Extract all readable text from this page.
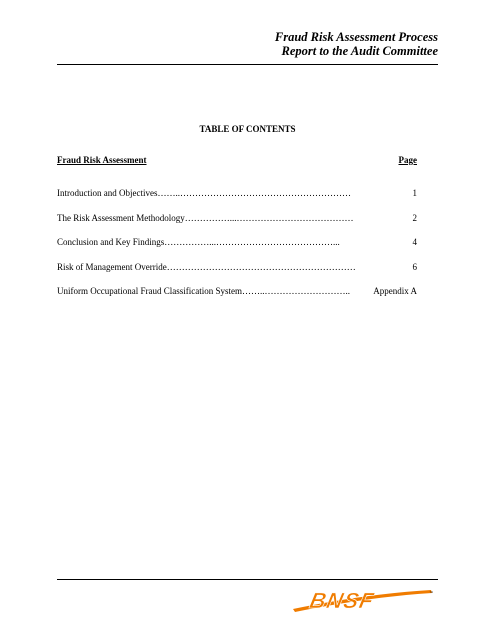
Fraud Risk Assessment Process
Report to the Audit Committee
TABLE OF CONTENTS
Fraud Risk Assessment	Page
Introduction and Objectives……..…………………………………………………	1
The Risk Assessment Methodology……………...…………………………………	2
Conclusion and Key Findings……………...…………………………………...	4
Risk of Management Override………………………………………………………	6
Uniform Occupational Fraud Classification System……..………………………..	Appendix A
BNSF	™
